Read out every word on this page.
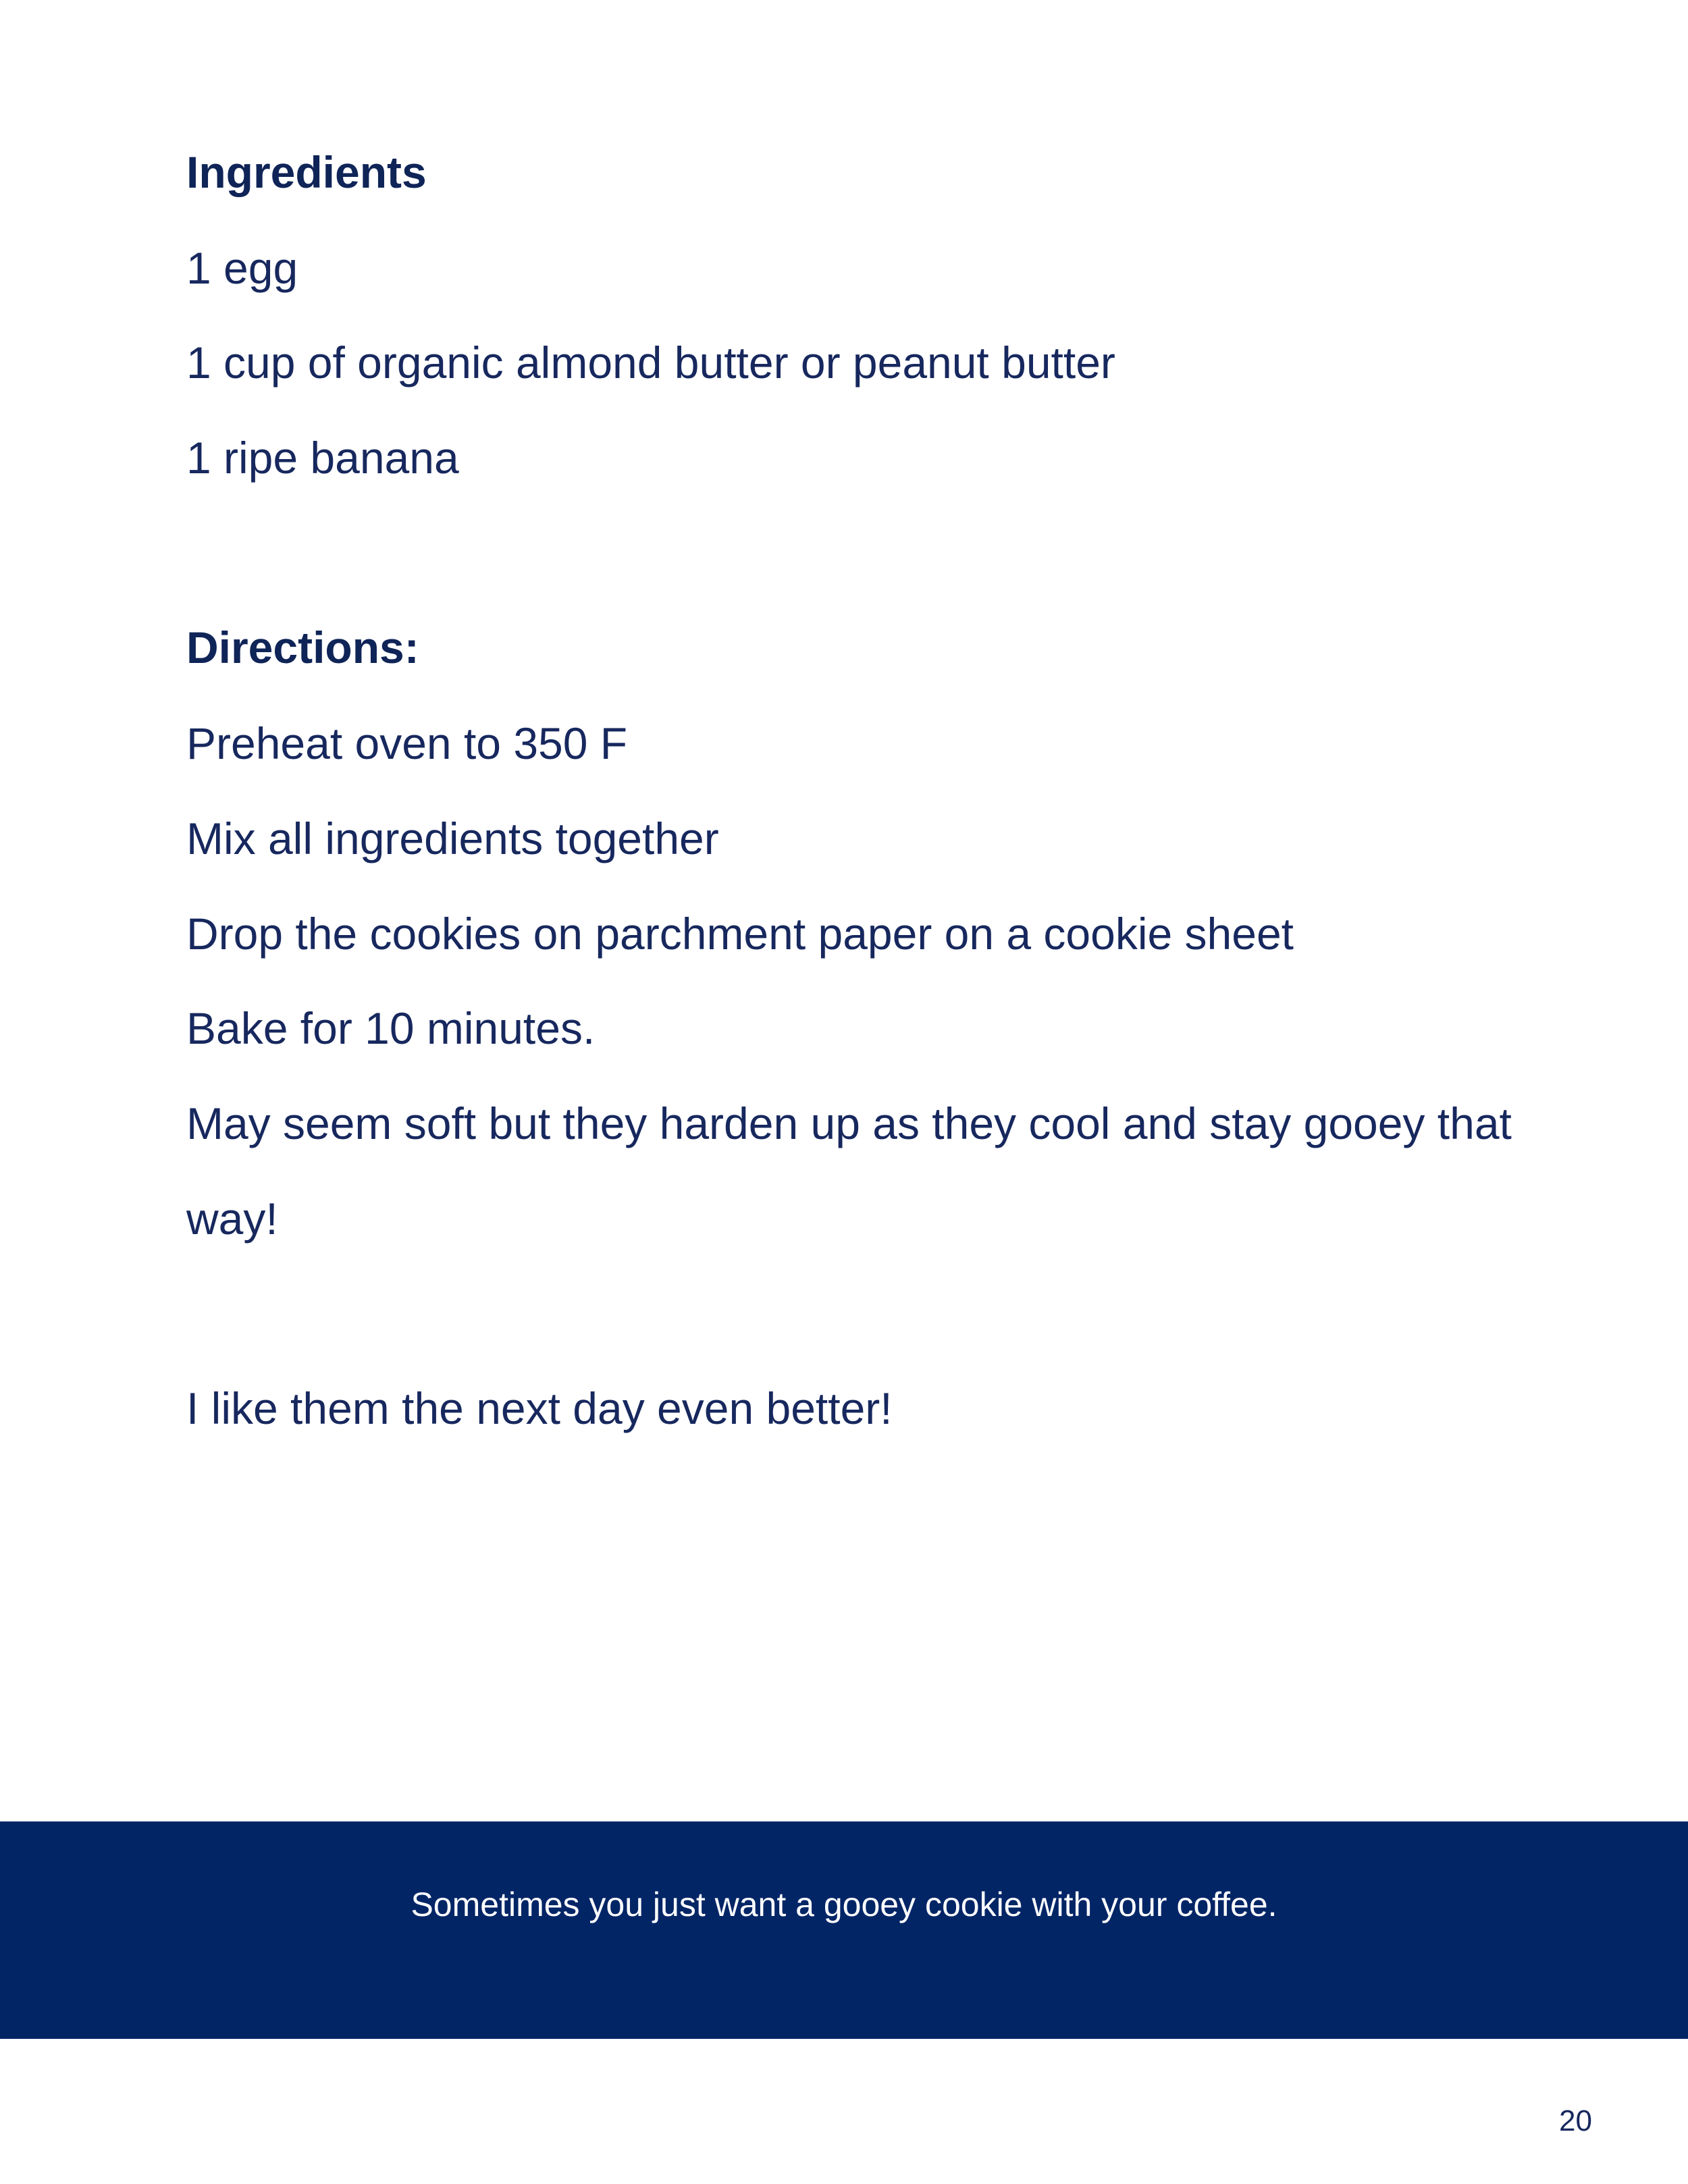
Ingredients
1 egg
1 cup of organic almond butter or peanut butter
1 ripe banana
Directions:
Preheat oven to 350 F
Mix all ingredients together
Drop the cookies on parchment paper on a cookie sheet
Bake for 10 minutes.
May seem soft but they harden up as they cool and stay gooey that
way!
I like them the next day even better!
Sometimes you just want a gooey cookie with your coffee.
20
